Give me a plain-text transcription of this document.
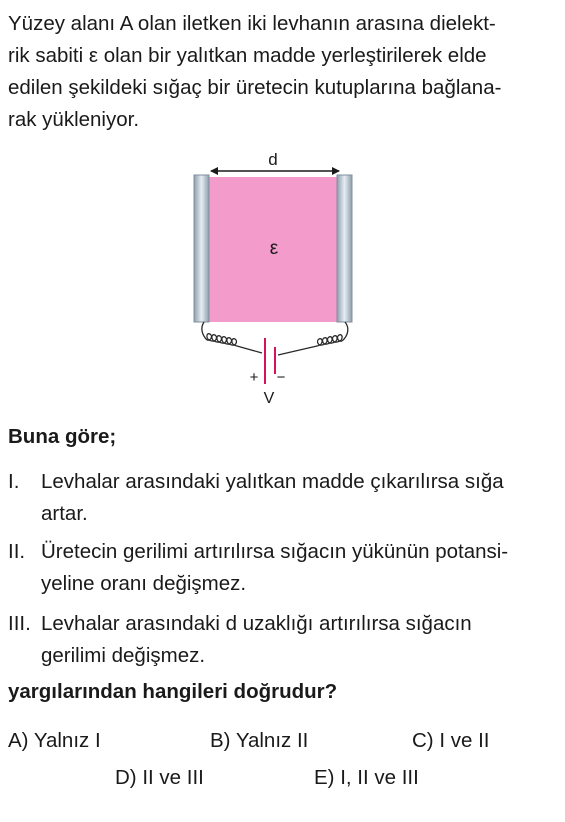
Yüzey alanı A olan iletken iki levhanın arasına dielekt-
rik sabiti ε olan bir yalıtkan madde yerleştirilerek elde
edilen şekildeki sığaç bir üretecin kutuplarına bağlana-
rak yükleniyor.
d
ε
+ −
V

Buna göre;

I. Levhalar arasındaki yalıtkan madde çıkarılırsa sığa
artar.
II. Üretecin gerilimi artırılırsa sığacın yükünün potansi-
yeline oranı değişmez.
III. Levhalar arasındaki d uzaklığı artırılırsa sığacın
gerilimi değişmez.

yargılarından hangileri doğrudur?

A) Yalnız I	B) Yalnız II	C) I ve II
D) II ve III	E) I, II ve III
